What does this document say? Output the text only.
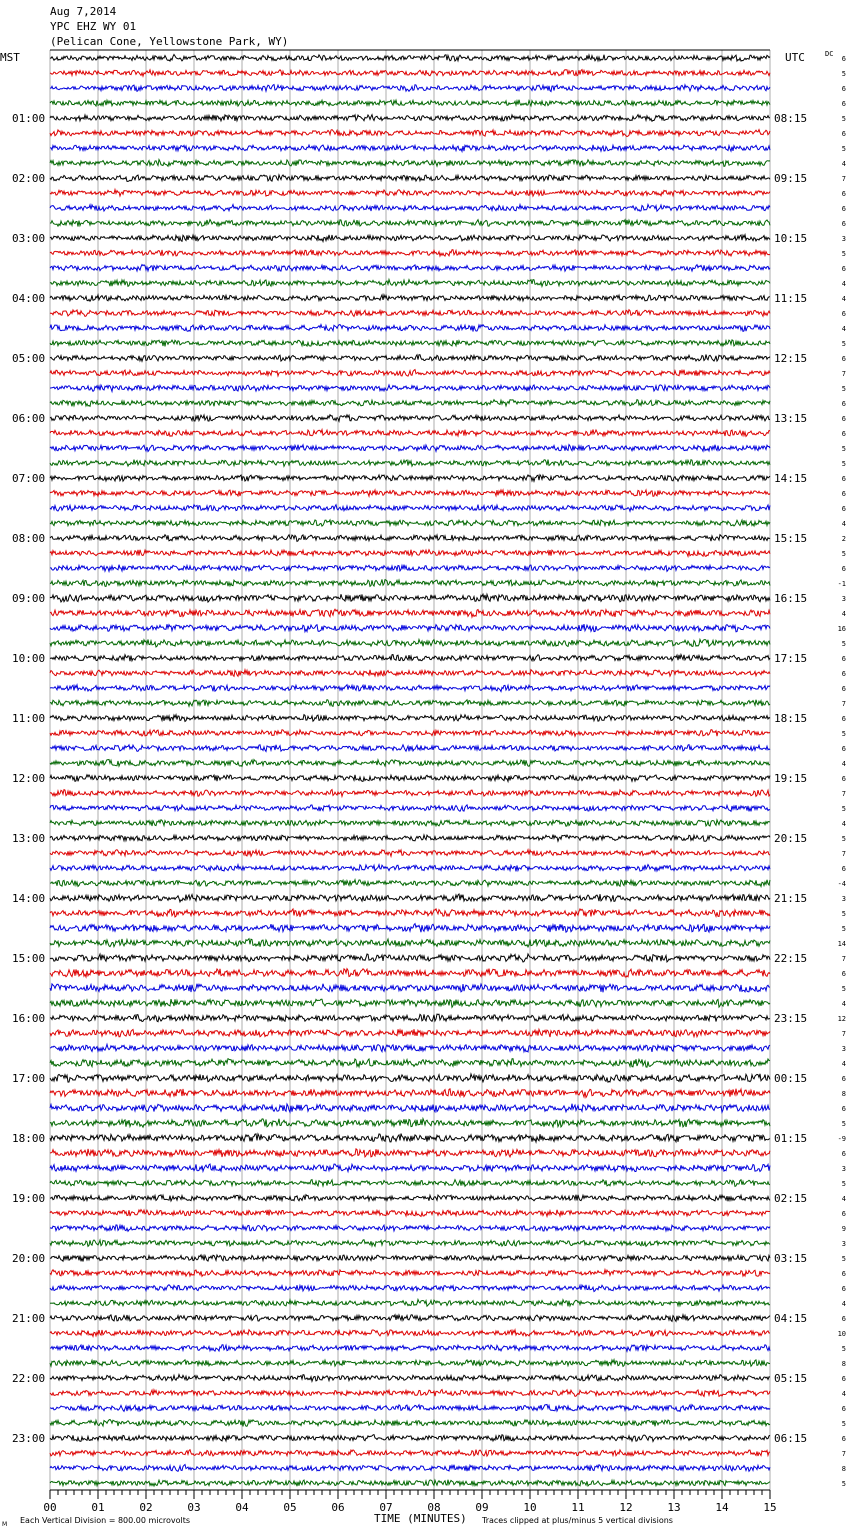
Aug 7,2014
YPC EHZ WY 01
(Pelican Cone, Yellowstone Park, WY)
01:00
02:00
03:00
04:00
05:00
06:00
07:00
08:00
09:00
10:00
11:00
12:00
13:00
14:00
15:00
16:00
17:00
18:00
19:00
20:00
21:00
22:00
23:00
08:15
09:15
10:15
11:15
12:15
13:15
14:15
15:15
16:15
17:15
18:15
19:15
20:15
21:15
22:15
23:15
00:15
01:15
02:15
03:15
04:15
05:15
06:15
6
5
6
6
5
6
5
4
7
6
6
6
3
5
6
4
4
6
4
5
6
7
5
6
6
6
5
5
6
6
6
4
2
5
6
-1
3
4
16
5
6
6
6
7
6
5
6
4
6
7
5
4
5
7
6
-4
3
5
5
14
7
6
5
4
12
7
3
4
6
8
6
5
-9
6
3
5
4
6
9
3
5
6
6
4
6
10
5
8
6
4
6
5
6
7
8
5
00	01	02	03	04	05	06	07	08	09	10	11	12	13	14	15
MST	UTC	DC
TIME (MINUTES)
Each Vertical Division = 800.00 microvolts	Traces clipped at plus/minus 5 vertical divisions
M
